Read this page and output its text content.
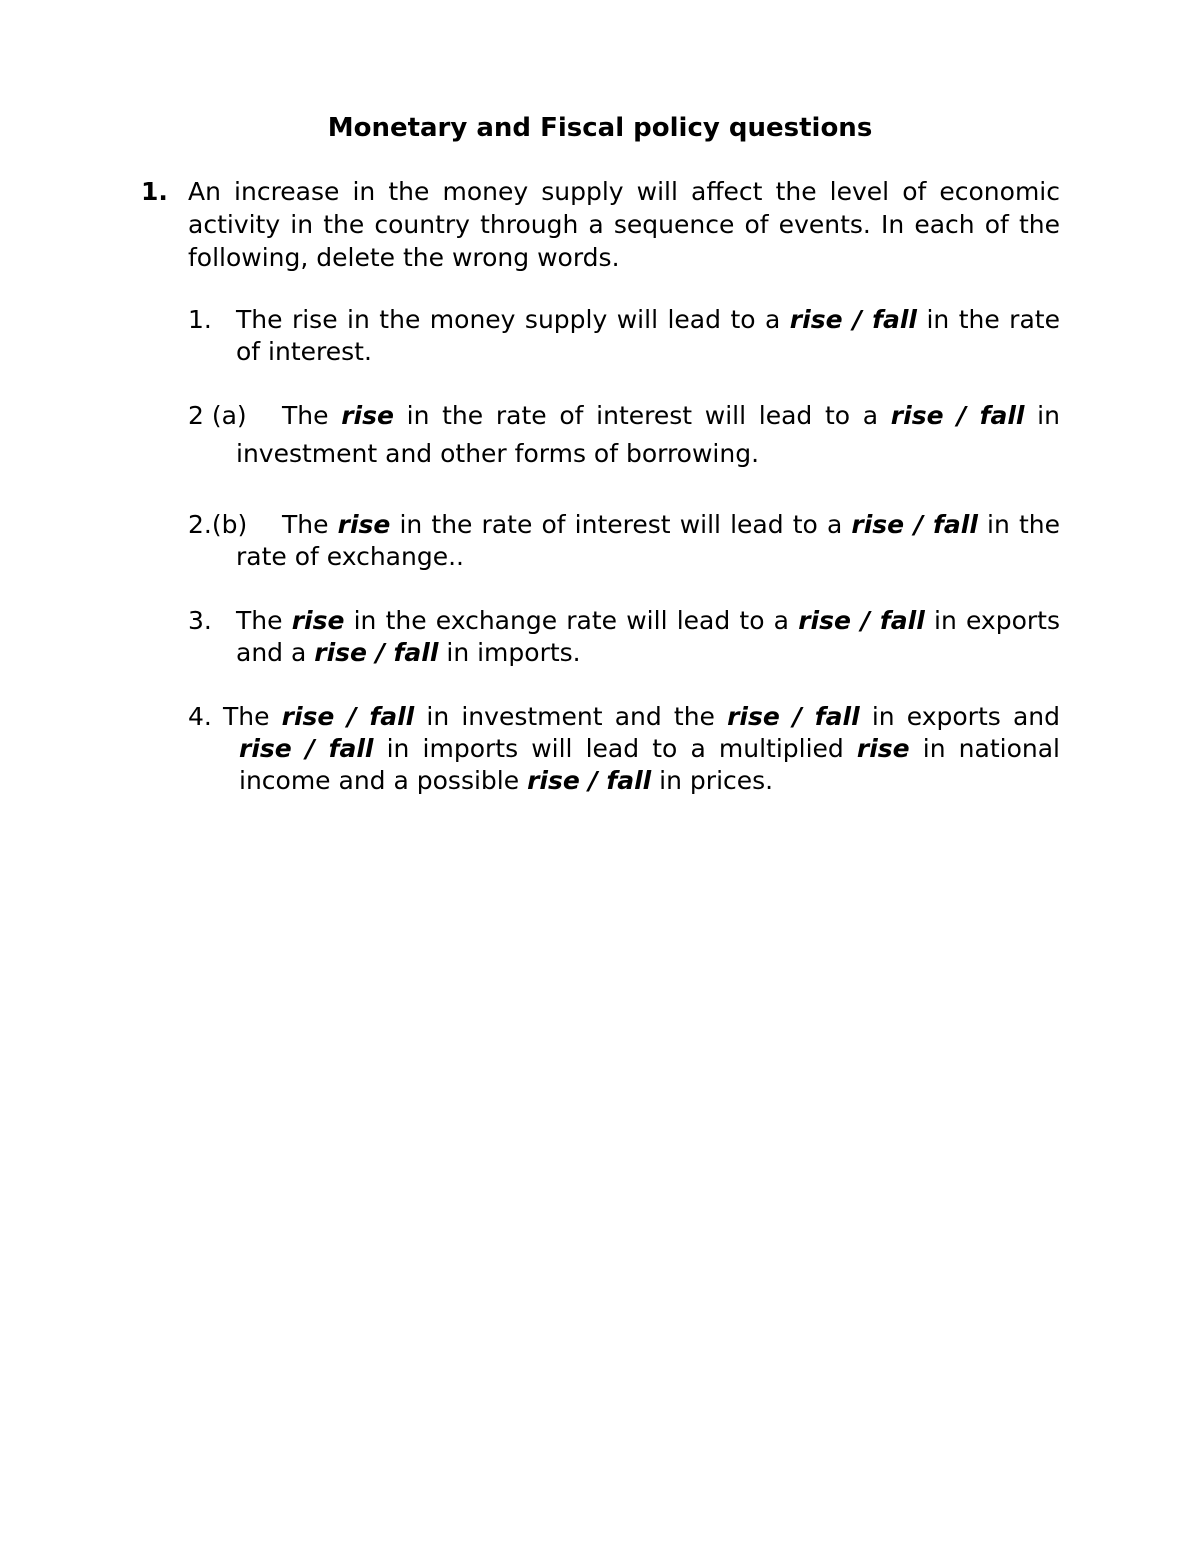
Monetary and Fiscal policy questions
1. An increase in the money supply will affect the level of economic activity in the country through a sequence of events. In each of the following, delete the wrong words.
1. The rise in the money supply will lead to a rise / fall in the rate of interest.
2 (a) The rise in the rate of interest will lead to a rise / fall in
investment and other forms of borrowing.
2.(b)	The rise in the rate of interest will lead to a rise / fall in the rate of exchange..
3. The rise in the exchange rate will lead to a rise / fall in exports and a rise / fall in imports.
4. The rise / fall in investment and the rise / fall in exports and rise / fall in imports will lead to a multiplied rise in national income and a possible rise / fall in prices.
